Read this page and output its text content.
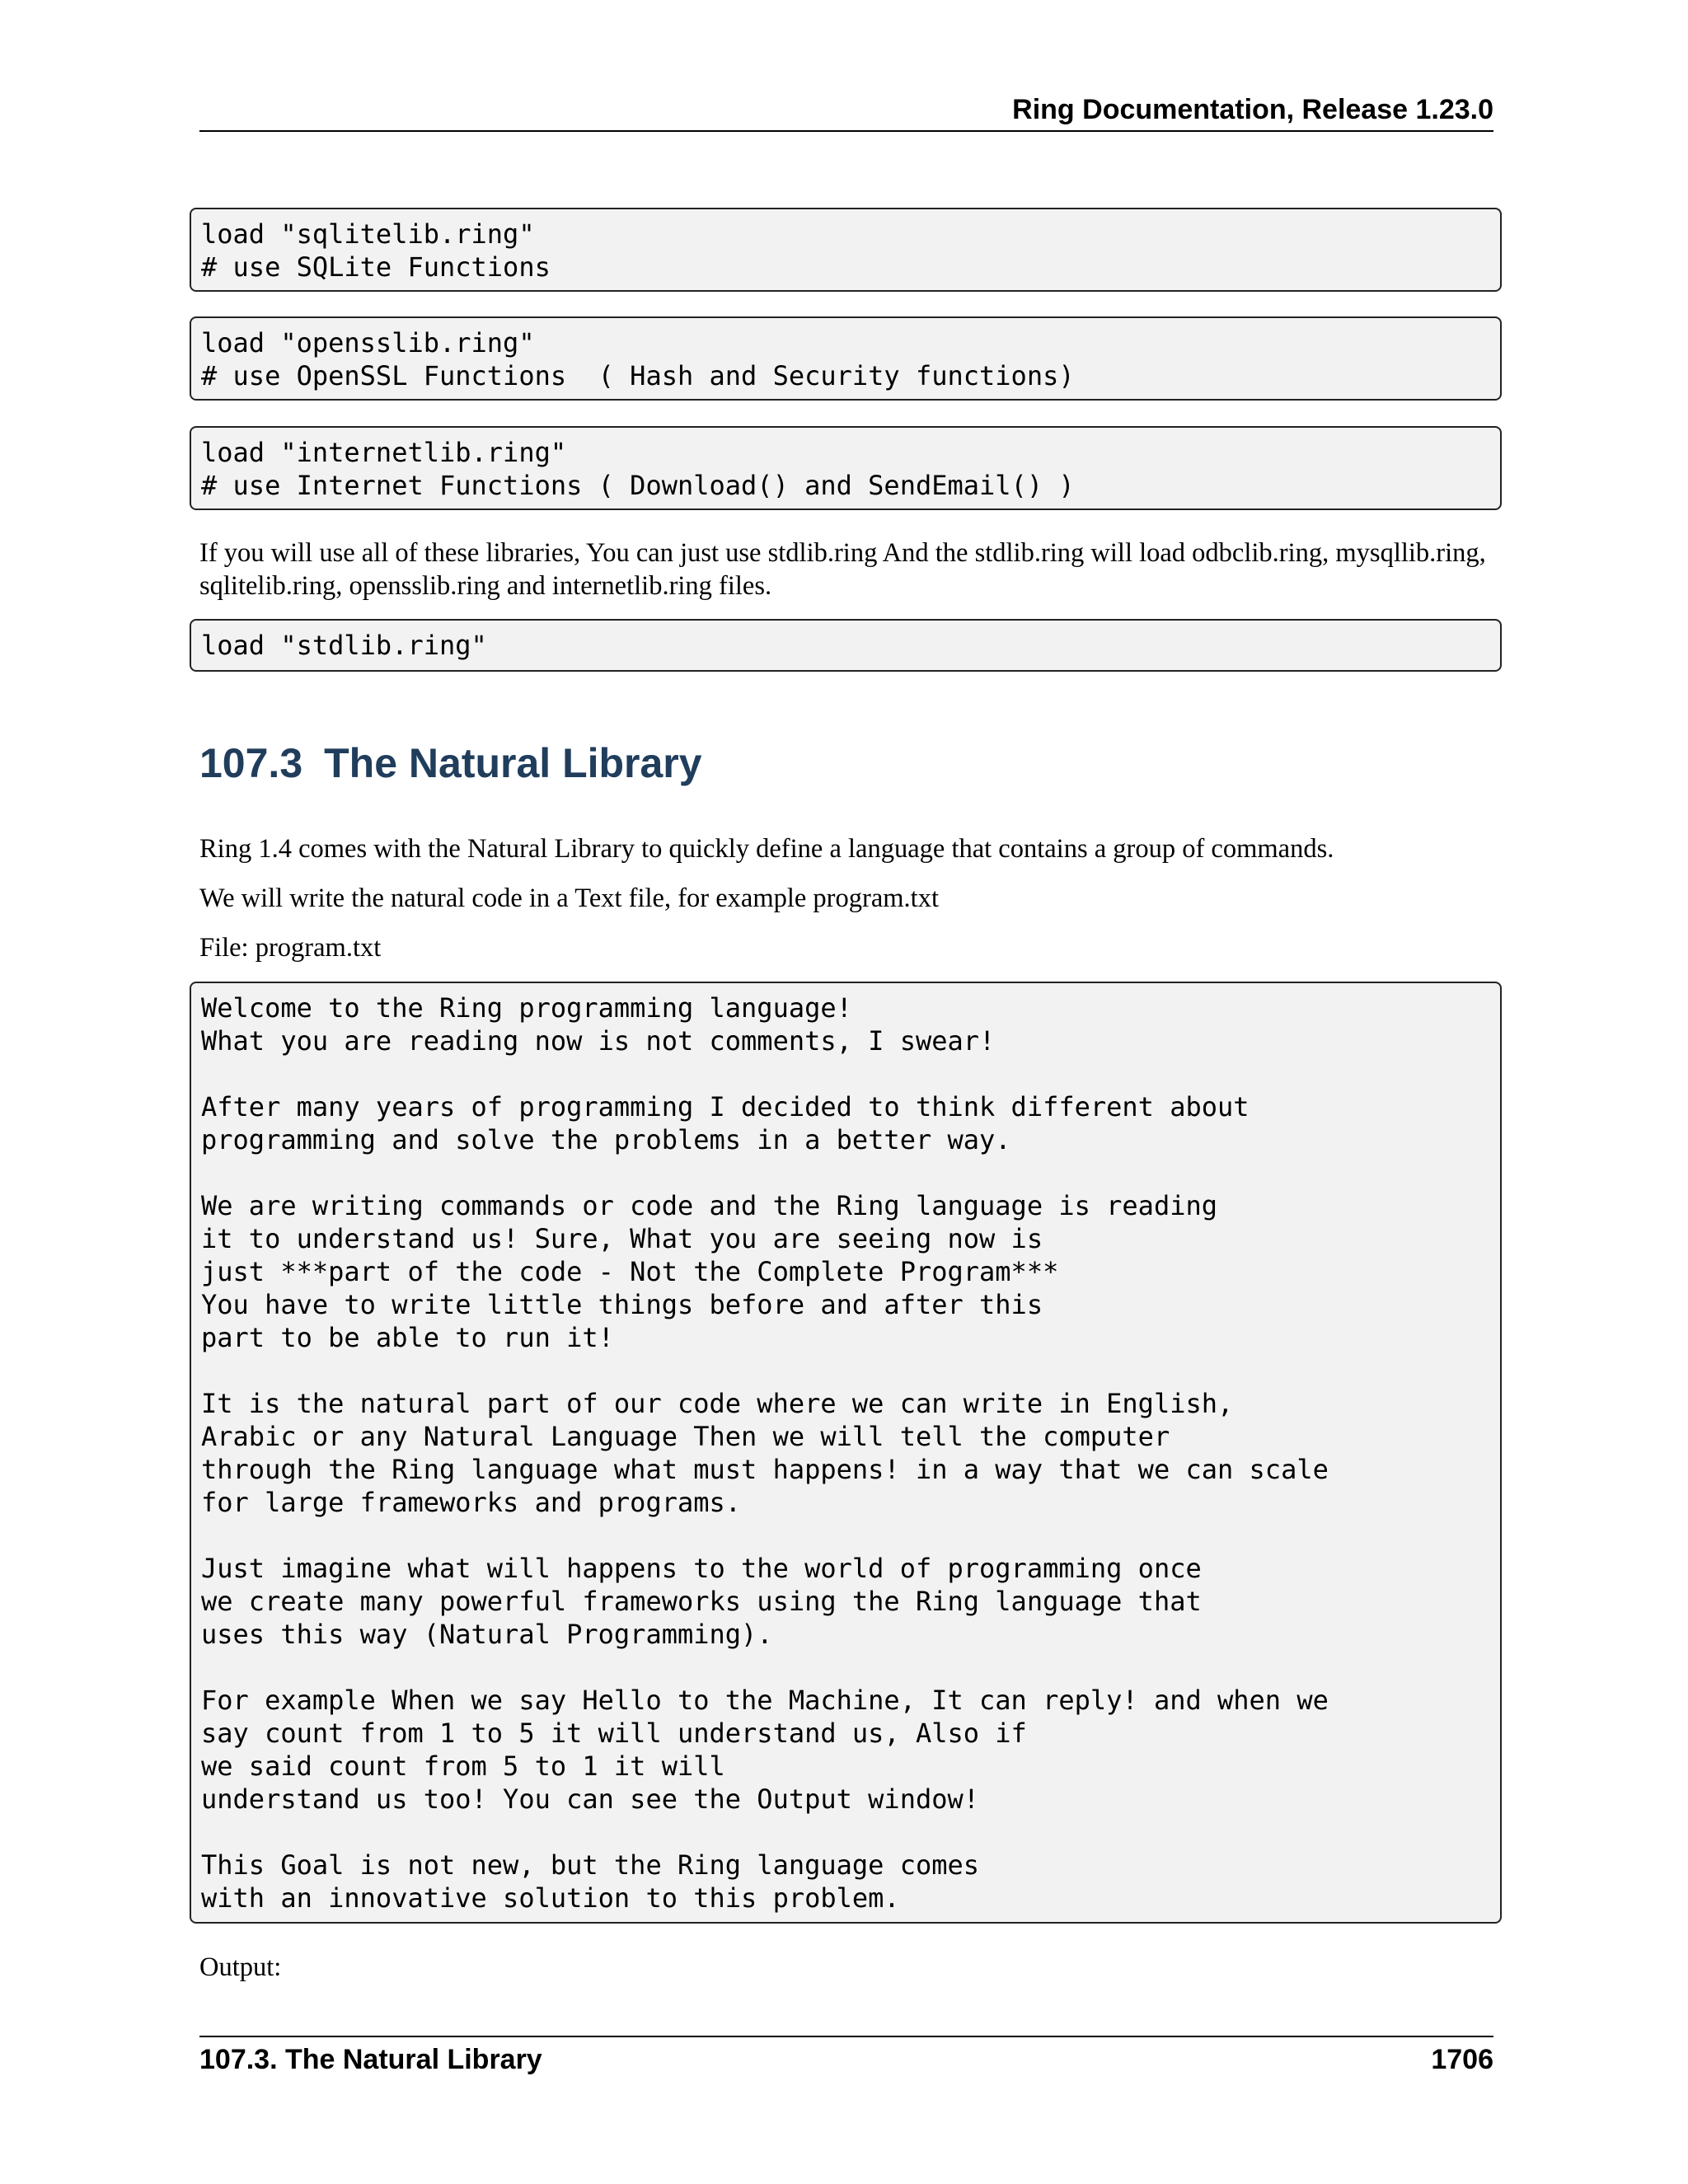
Ring Documentation, Release 1.23.0
load "sqlitelib.ring"
# use SQLite Functions
load "opensslib.ring"
# use OpenSSL Functions  ( Hash and Security functions)
load "internetlib.ring"
# use Internet Functions ( Download() and SendEmail() )

If you will use all of these libraries, You can just use stdlib.ring And the stdlib.ring will load odbclib.ring, mysqllib.ring, sqlitelib.ring, opensslib.ring and internetlib.ring files.

load "stdlib.ring"
107.3 The Natural Library

Ring 1.4 comes with the Natural Library to quickly define a language that contains a group of commands.

We will write the natural code in a Text file, for example program.txt

File: program.txt

Welcome to the Ring programming language!
What you are reading now is not comments, I swear!

After many years of programming I decided to think different about
programming and solve the problems in a better way.

We are writing commands or code and the Ring language is reading
it to understand us! Sure, What you are seeing now is
just ***part of the code - Not the Complete Program***
You have to write little things before and after this
part to be able to run it!

It is the natural part of our code where we can write in English,
Arabic or any Natural Language Then we will tell the computer
through the Ring language what must happens! in a way that we can scale
for large frameworks and programs.

Just imagine what will happens to the world of programming once
we create many powerful frameworks using the Ring language that
uses this way (Natural Programming).

For example When we say Hello to the Machine, It can reply! and when we
say count from 1 to 5 it will understand us, Also if
we said count from 5 to 1 it will
understand us too! You can see the Output window!

This Goal is not new, but the Ring language comes
with an innovative solution to this problem.

Output:

107.3. The Natural Library	1706
